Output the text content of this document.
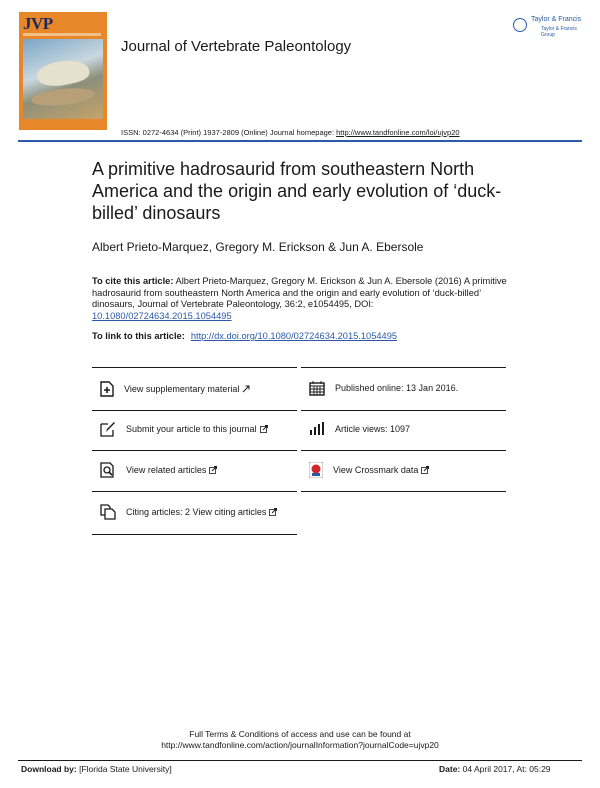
JVP
Journal of Vertebrate Paleontology
Taylor & Francis
Taylor & Francis Group
ISSN: 0272-4634 (Print) 1937-2809 (Online) Journal homepage: http://www.tandfonline.com/loi/ujvp20
A primitive hadrosaurid from southeastern North America and the origin and early evolution of ‘duck-billed’ dinosaurs
Albert Prieto-Marquez, Gregory M. Erickson & Jun A. Ebersole
To cite this article: Albert Prieto-Marquez, Gregory M. Erickson & Jun A. Ebersole (2016) A primitive hadrosaurid from southeastern North America and the origin and early evolution of ‘duck-billed’ dinosaurs, Journal of Vertebrate Paleontology, 36:2, e1054495, DOI: 10.1080/02724634.2015.1054495
To link to this article: http://dx.doi.org/10.1080/02724634.2015.1054495
View supplementary material	Published online: 13 Jan 2016.
Submit your article to this journal	Article views: 1097
View related articles	View Crossmark data
Citing articles: 2 View citing articles
Full Terms & Conditions of access and use can be found at
http://www.tandfonline.com/action/journalInformation?journalCode=ujvp20
Download by: [Florida State University]	Date: 04 April 2017, At: 05:29
